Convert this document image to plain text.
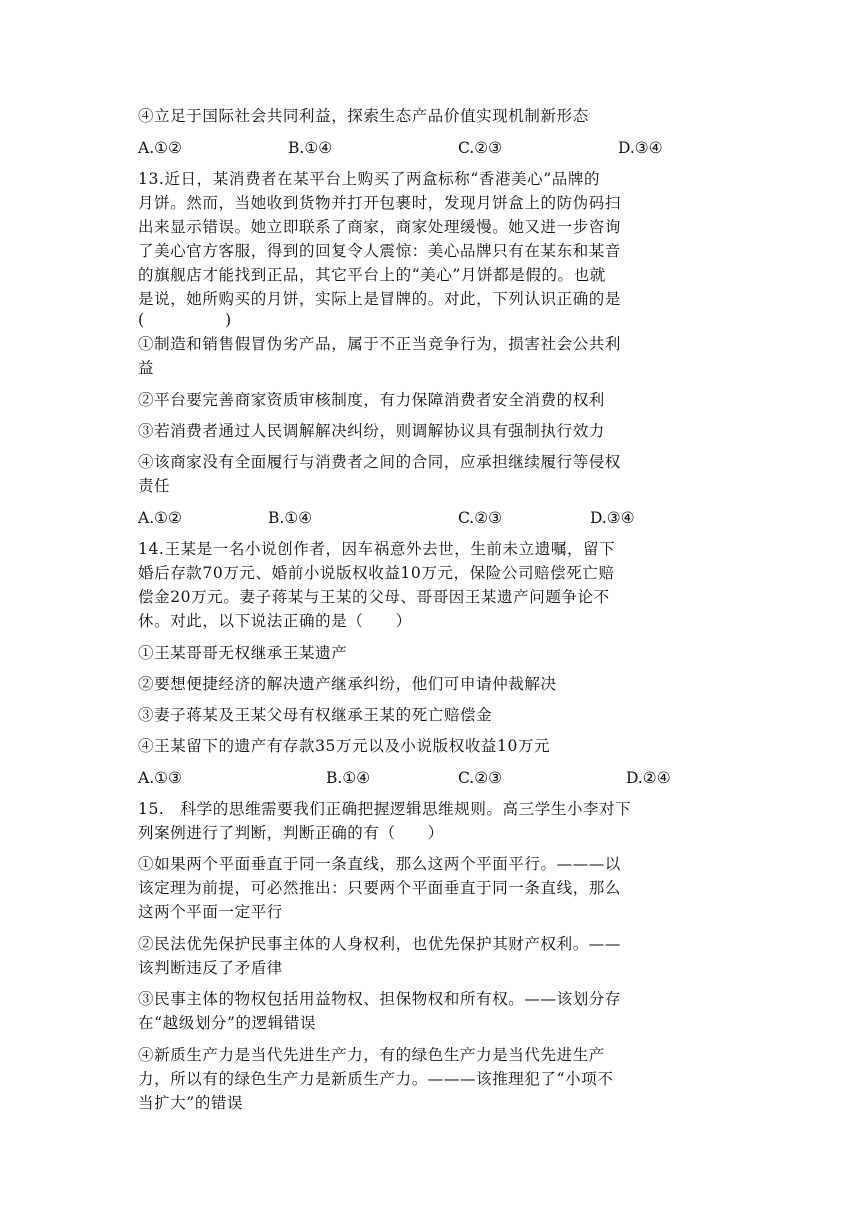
④立足于国际社会共同利益，探索生态产品价值实现机制新形态
A.①②	B.①④	C.②③	D.③④
13.近日，某消费者在某平台上购买了两盒标称“香港美心”品牌的
月饼。然而，当她收到货物并打开包裹时，发现月饼盒上的防伪码扫
出来显示错误。她立即联系了商家，商家处理缓慢。她又进一步咨询
了美心官方客服，得到的回复令人震惊：美心品牌只有在某东和某音
的旗舰店才能找到正品，其它平台上的“美心”月饼都是假的。也就
是说，她所购买的月饼，实际上是冒牌的。对此，下列认识正确的是
(　　　　　)
①制造和销售假冒伪劣产品，属于不正当竞争行为，损害社会公共利
益
②平台要完善商家资质审核制度，有力保障消费者安全消费的权利
③若消费者通过人民调解解决纠纷，则调解协议具有强制执行效力
④该商家没有全面履行与消费者之间的合同，应承担继续履行等侵权
责任
A.①②	B.①④	C.②③	D.③④
14.王某是一名小说创作者，因车祸意外去世，生前未立遗嘱，留下
婚后存款70万元、婚前小说版权收益10万元，保险公司赔偿死亡赔
偿金20万元。妻子蒋某与王某的父母、哥哥因王某遗产问题争论不
休。对此，以下说法正确的是（　　）
①王某哥哥无权继承王某遗产
②要想便捷经济的解决遗产继承纠纷，他们可申请仲裁解决
③妻子蒋某及王某父母有权继承王某的死亡赔偿金
④王某留下的遗产有存款35万元以及小说版权收益10万元
A.①③	B.①④	C.②③	D.②④
15.　科学的思维需要我们正确把握逻辑思维规则。高三学生小李对下
列案例进行了判断，判断正确的有（　　）
①如果两个平面垂直于同一条直线，那么这两个平面平行。———以
该定理为前提，可必然推出：只要两个平面垂直于同一条直线，那么
这两个平面一定平行
②民法优先保护民事主体的人身权利，也优先保护其财产权利。——
该判断违反了矛盾律
③民事主体的物权包括用益物权、担保物权和所有权。——该划分存
在“越级划分”的逻辑错误
④新质生产力是当代先进生产力，有的绿色生产力是当代先进生产
力，所以有的绿色生产力是新质生产力。———该推理犯了“小项不
当扩大”的错误
